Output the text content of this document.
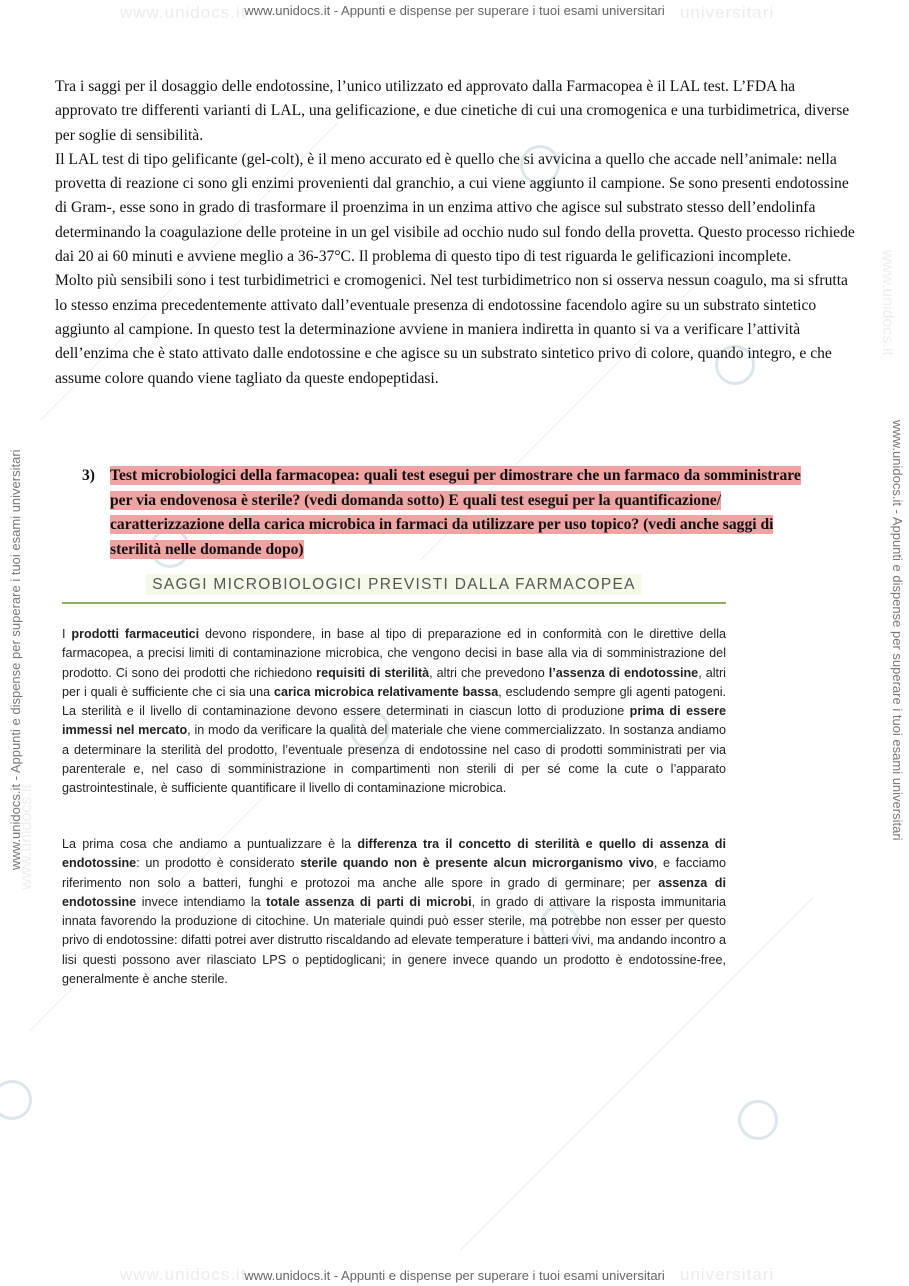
www.unidocs.it - Appunti e dispense per superare i tuoi esami universitari
www.unidocs.it	universitari
www.unidocs.it - Appunti e dispense per superare i tuoi esami universitari
www.unidocs.it	universitari
www.unidocs.it - Appunti e dispense per superare i tuoi esami universitari	www.unidocs.it - Appunti e dispense per superare i tuoi esami universitari
www.unidocs.it
www.unidocs.it
Tra i saggi per il dosaggio delle endotossine, l’unico utilizzato ed approvato dalla Farmacopea è il LAL test. L’FDA ha approvato tre differenti varianti di LAL, una gelificazione, e due cinetiche di cui una cromogenica e una turbidimetrica, diverse per soglie di sensibilità.
Il LAL test di tipo gelificante (gel-colt), è il meno accurato ed è quello che si avvicina a quello che accade nell’animale: nella provetta di reazione ci sono gli enzimi provenienti dal granchio, a cui viene aggiunto il campione. Se sono presenti endotossine di Gram-, esse sono in grado di trasformare il proenzima in un enzima attivo che agisce sul substrato stesso dell’endolinfa determinando la coagulazione delle proteine in un gel visibile ad occhio nudo sul fondo della provetta. Questo processo richiede dai 20 ai 60 minuti e avviene meglio a 36-37°C. Il problema di questo tipo di test riguarda le gelificazioni incomplete.
Molto più sensibili sono i test turbidimetrici e cromogenici. Nel test turbidimetrico non si osserva nessun coagulo, ma si sfrutta lo stesso enzima precedentemente attivato dall’eventuale presenza di endotossine facendolo agire su un substrato sintetico aggiunto al campione. In questo test la determinazione avviene in maniera indiretta in quanto si va a verificare l’attività dell’enzima che è stato attivato dalle endotossine e che agisce su un substrato sintetico privo di colore, quando integro, e che assume colore quando viene tagliato da queste endopeptidasi.
3) Test microbiologici della farmacopea: quali test esegui per dimostrare che un farmaco da somministrare per via endovenosa è sterile? (vedi domanda sotto) E quali test esegui per la quantificazione/ caratterizzazione della carica microbica in farmaci da utilizzare per uso topico? (vedi anche saggi di sterilità nelle domande dopo)
SAGGI MICROBIOLOGICI PREVISTI DALLA FARMACOPEA

I prodotti farmaceutici devono rispondere, in base al tipo di preparazione ed in conformità con le direttive della farmacopea, a precisi limiti di contaminazione microbica, che vengono decisi in base alla via di somministrazione del prodotto. Ci sono dei prodotti che richiedono requisiti di sterilità, altri che prevedono l’assenza di endotossine, altri per i quali è sufficiente che ci sia una carica microbica relativamente bassa, escludendo sempre gli agenti patogeni. La sterilità e il livello di contaminazione devono essere determinati in ciascun lotto di produzione prima di essere immessi nel mercato, in modo da verificare la qualità del materiale che viene commercializzato. In sostanza andiamo a determinare la sterilità del prodotto, l’eventuale presenza di endotossine nel caso di prodotti somministrati per via parenterale e, nel caso di somministrazione in compartimenti non sterili di per sé come la cute o l’apparato gastrointestinale, è sufficiente quantificare il livello di contaminazione microbica.

La prima cosa che andiamo a puntualizzare è la differenza tra il concetto di sterilità e quello di assenza di endotossine: un prodotto è considerato sterile quando non è presente alcun microrganismo vivo, e facciamo riferimento non solo a batteri, funghi e protozoi ma anche alle spore in grado di germinare; per assenza di endotossine invece intendiamo la totale assenza di parti di microbi, in grado di attivare la risposta immunitaria innata favorendo la produzione di citochine. Un materiale quindi può esser sterile, ma potrebbe non esser per questo privo di endotossine: difatti potrei aver distrutto riscaldando ad elevate temperature i batteri vivi, ma andando incontro a lisi questi possono aver rilasciato LPS o peptidoglicani; in genere invece quando un prodotto è endotossine-free, generalmente è anche sterile.
